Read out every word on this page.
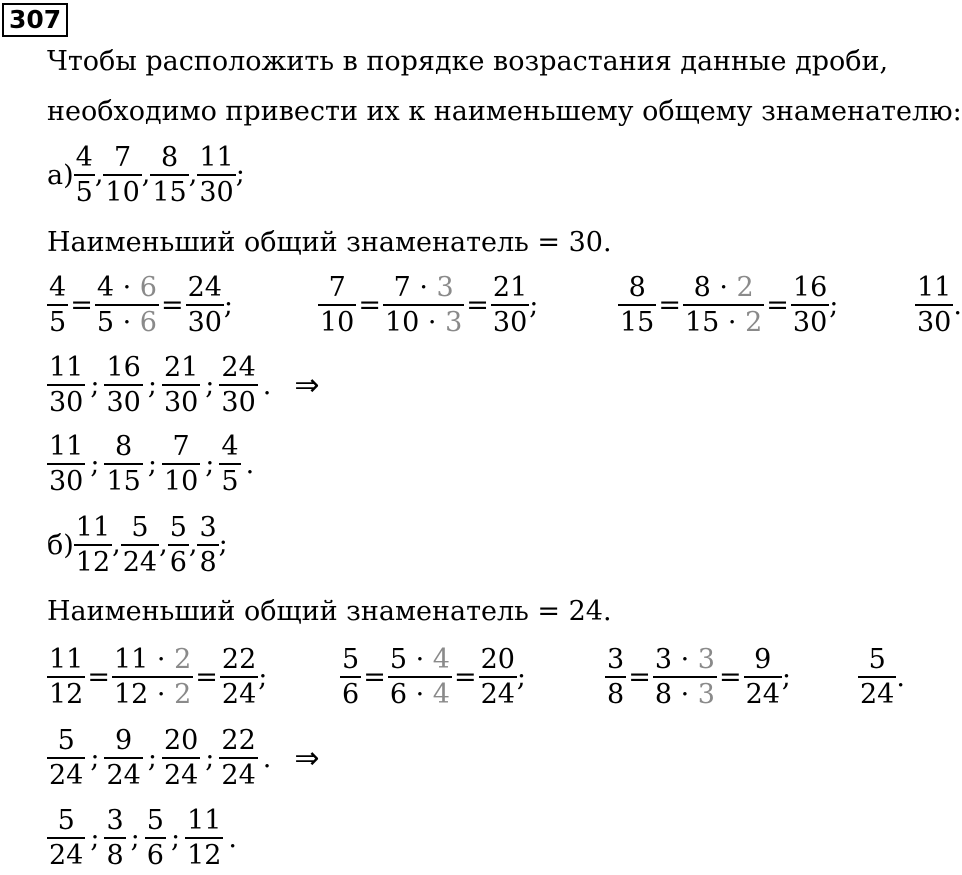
307
Чтобы расположить в порядке возрастания данные дроби,
необходимо привести их к наименьшему общему знаменателю:
$а) \frac{4}{5}$ , $\frac{7}{10}$ , $\frac{8}{15}$ , $\frac{11}{30}$ ;
Наименьший общий знаменатель = 30.
$\frac{4}{5} = \frac{4 \cdot 6}{5 \cdot 6} = \frac{24}{30}$ ;	$\frac{7}{10} = \frac{7 \cdot 3}{10 \cdot 3} = \frac{21}{30}$ ;	$\frac{8}{15} = \frac{8 \cdot 2}{15 \cdot 2} = \frac{16}{30}$ ;	$\frac{11}{30}$ .
$\frac{11}{30}$ ; $\frac{16}{30}$ ; $\frac{21}{30}$ ; $\frac{24}{30}$ . ⇒
$\frac{11}{30}$ ; $\frac{8}{15}$ ; $\frac{7}{10}$ ; $\frac{4}{5}$ .
$б) \frac{11}{12}$ , $\frac{5}{24}$ , $\frac{5}{6}$ , $\frac{3}{8}$ ;
Наименьший общий знаменатель = 24.
$\frac{11}{12} = \frac{11 \cdot 2}{12 \cdot 2} = \frac{22}{24}$ ;	$\frac{5}{6} = \frac{5 \cdot 4}{6 \cdot 4} = \frac{20}{24}$ ;	$\frac{3}{8} = \frac{3 \cdot 3}{8 \cdot 3} = \frac{9}{24}$ ; $\frac{5}{24}$ .
$\frac{5}{24}$ ; $\frac{9}{24}$ ; $\frac{20}{24}$ ; $\frac{22}{24}$ . ⇒
$\frac{5}{24}$ ; $\frac{3}{8}$ ; $\frac{5}{6}$ ; $\frac{11}{12}$ .
